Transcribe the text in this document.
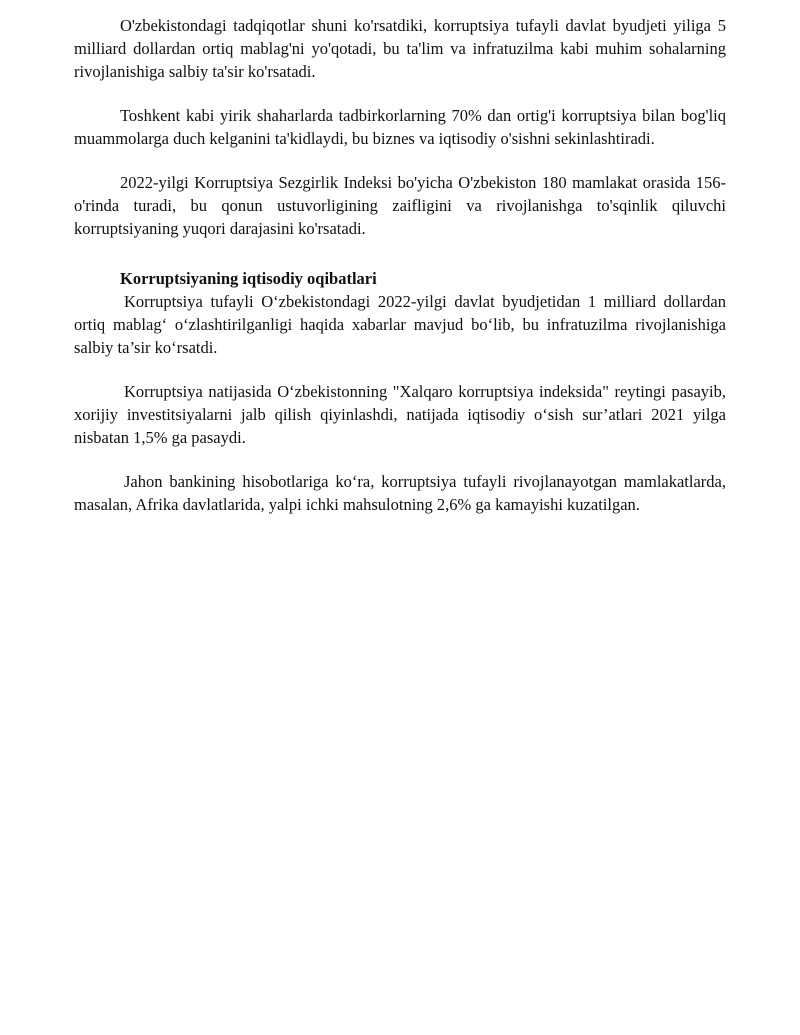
O'zbekistondagi tadqiqotlar shuni ko'rsatdiki, korruptsiya tufayli davlat byudjeti yiliga 5 milliard dollardan ortiq mablag'ni yo'qotadi, bu ta'lim va infratuzilma kabi muhim sohalarning rivojlanishiga salbiy ta'sir ko'rsatadi.

Toshkent kabi yirik shaharlarda tadbirkorlarning 70% dan ortig'i korruptsiya bilan bog'liq muammolarga duch kelganini ta'kidlaydi, bu biznes va iqtisodiy o'sishni sekinlashtiradi.

2022-yilgi Korruptsiya Sezgirlik Indeksi bo'yicha O'zbekiston 180 mamlakat orasida 156-o'rinda turadi, bu qonun ustuvorligining zaifligini va rivojlanishga to'sqinlik qiluvchi korruptsiyaning yuqori darajasini ko'rsatadi.

Korruptsiyaning iqtisodiy oqibatlari

Korruptsiya tufayli O‘zbekistondagi 2022-yilgi davlat byudjetidan 1 milliard dollardan ortiq mablag‘ o‘zlashtirilganligi haqida xabarlar mavjud bo‘lib, bu infratuzilma rivojlanishiga salbiy ta’sir ko‘rsatdi.

Korruptsiya natijasida O‘zbekistonning "Xalqaro korruptsiya indeksida" reytingi pasayib, xorijiy investitsiyalarni jalb qilish qiyinlashdi, natijada iqtisodiy o‘sish sur’atlari 2021 yilga nisbatan 1,5% ga pasaydi.

Jahon bankining hisobotlariga ko‘ra, korruptsiya tufayli rivojlanayotgan mamlakatlarda, masalan, Afrika davlatlarida, yalpi ichki mahsulotning 2,6% ga kamayishi kuzatilgan.
